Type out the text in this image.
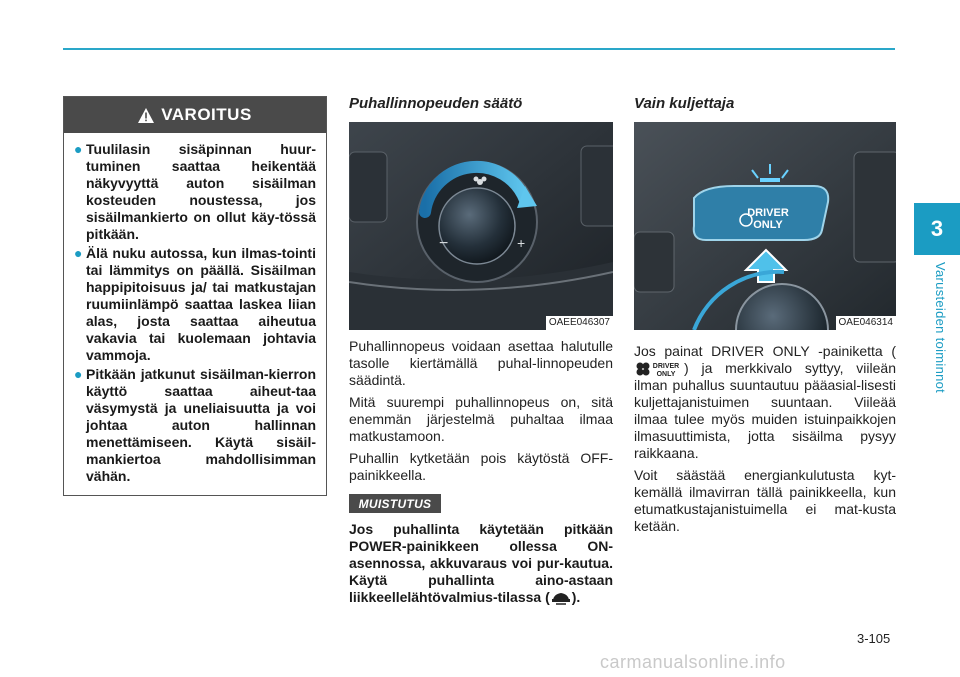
3
Varusteiden toiminnot
VAROITUS
● Tuulilasin sisäpinnan huur-tuminen saattaa heikentää näkyvyyttä auton sisäilman kosteuden noustessa, jos sisäilmankierto on ollut käy-tössä pitkään.
● Älä nuku autossa, kun ilmas-tointi tai lämmitys on päällä. Sisäilman happipitoisuus ja/ tai matkustajan ruumiinlämpö saattaa laskea liian alas, josta saattaa aiheutua vakavia tai kuolemaan johtavia vammoja.
● Pitkään jatkunut sisäilman-kierron käyttö saattaa aiheut-taa väsymystä ja uneliaisuutta ja voi johtaa auton hallinnan menettämiseen. Käytä sisäil-mankiertoa mahdollisimman vähän.
Puhallinnopeuden säätö
−	+
OAEE046307

Puhallinnopeus voidaan asettaa halutulle tasolle kiertämällä puhal-linnopeuden säädintä.

Mitä suurempi puhallinnopeus on, sitä enemmän järjestelmä puhaltaa ilmaa matkustamoon.

Puhallin kytketään pois käytöstä OFF-painikkeella.

MUISTUTUS
Jos puhallinta käytetään pitkään POWER-painikkeen ollessa ON-asennossa, akkuvaraus voi pur-kautua. Käytä puhallinta aino-astaan liikkeellelähtövalmius-tilassa ( ).
Vain kuljettaja
DRIVER
ONLY
OAE046314

Jos painat DRIVER ONLY -painiketta (
DRIVER
ONLY ) ja merkkivalo syttyy, viileän ilman puhallus suuntautuu pääasial-lisesti kuljettajanistuimen suuntaan. Viileää ilmaa tulee myös muiden istuinpaikkojen ilmasuuttimista, jotta sisäilma pysyy raikkaana.

Voit säästää energiankulutusta kyt-kemällä ilmavirran tällä painikkeella, kun etumatkustajanistuimella ei mat-kusta ketään.

3-105
carmanualsonline.info
